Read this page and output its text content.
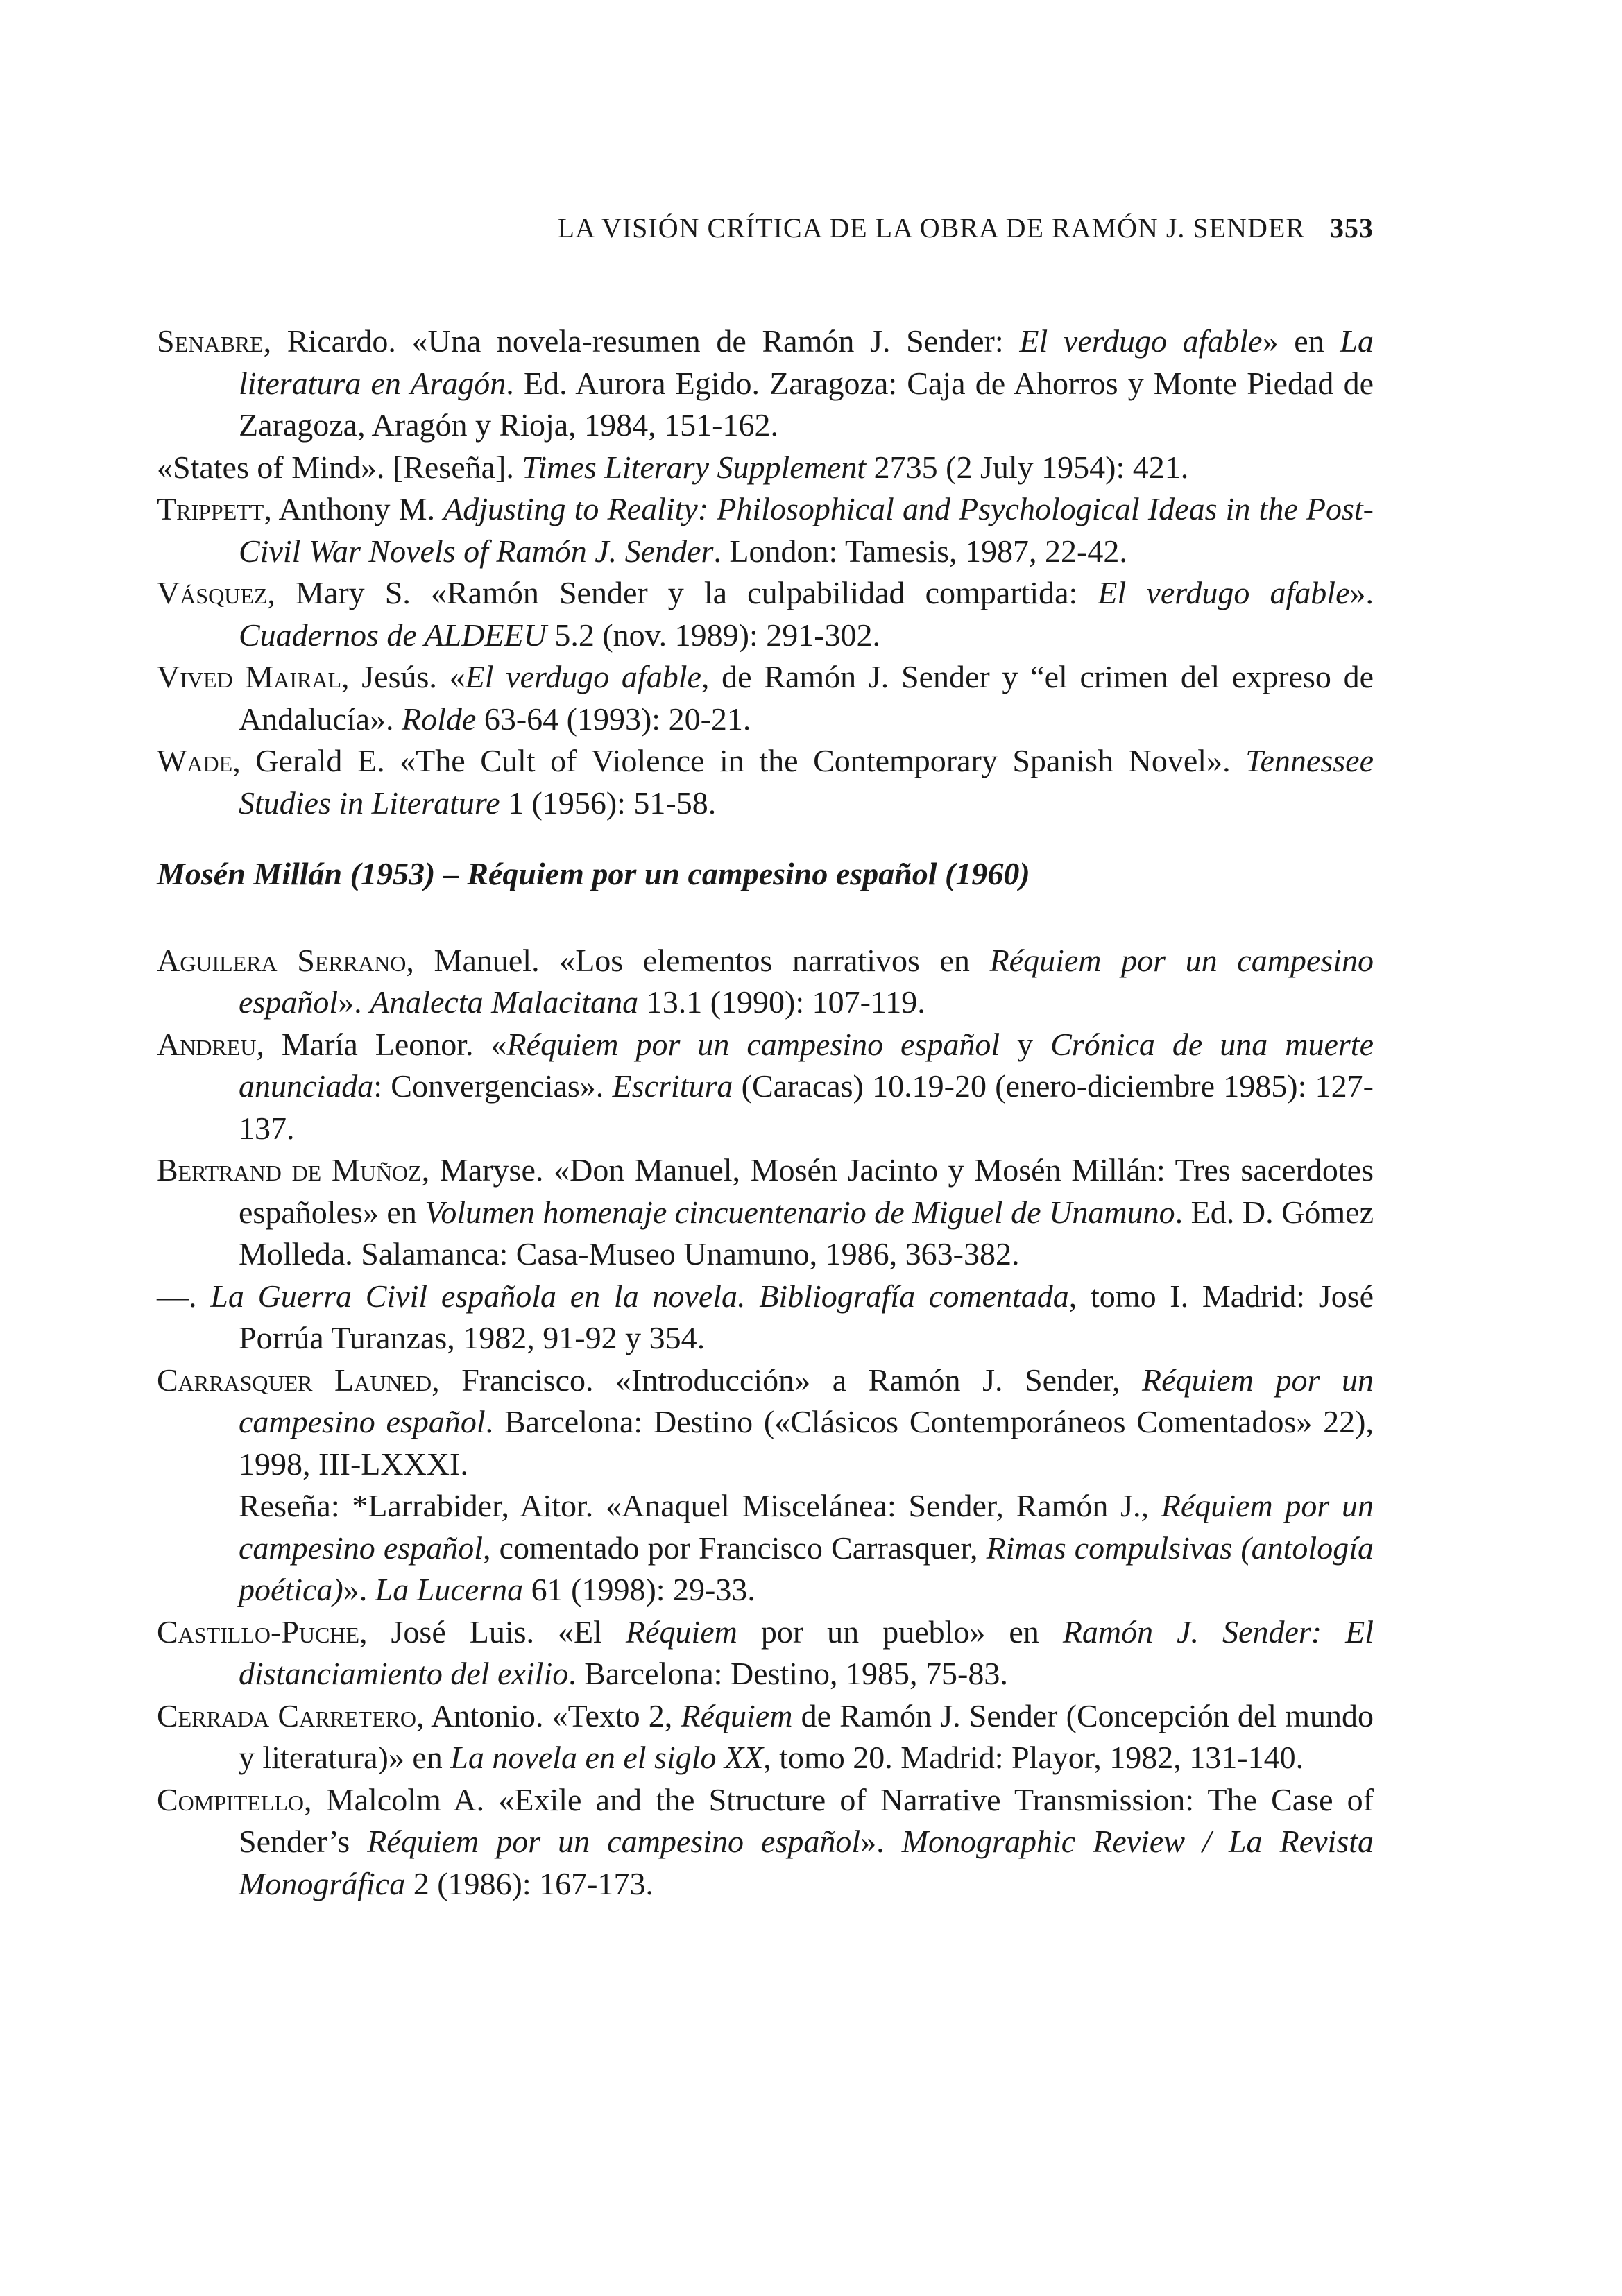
LA VISIÓN CRÍTICA DE LA OBRA DE RAMÓN J. SENDER 353
Senabre, Ricardo. «Una novela-resumen de Ramón J. Sender: El verdugo afable» en La literatura en Aragón. Ed. Aurora Egido. Zaragoza: Caja de Ahorros y Monte Piedad de Zaragoza, Aragón y Rioja, 1984, 151-162.
«States of Mind». [Reseña]. Times Literary Supplement 2735 (2 July 1954): 421.
Trippett, Anthony M. Adjusting to Reality: Philosophical and Psychological Ideas in the Post-Civil War Novels of Ramón J. Sender. London: Tamesis, 1987, 22-42.
Vásquez, Mary S. «Ramón Sender y la culpabilidad compartida: El verdugo afable». Cuadernos de ALDEEU 5.2 (nov. 1989): 291-302.
Vived Mairal, Jesús. «El verdugo afable, de Ramón J. Sender y “el crimen del expreso de Andalucía». Rolde 63-64 (1993): 20-21.
Wade, Gerald E. «The Cult of Violence in the Contemporary Spanish Novel». Tennessee Studies in Literature 1 (1956): 51-58.
Mosén Millán (1953) – Réquiem por un campesino español (1960)
Aguilera Serrano, Manuel. «Los elementos narrativos en Réquiem por un campesino español». Analecta Malacitana 13.1 (1990): 107-119.
Andreu, María Leonor. «Réquiem por un campesino español y Crónica de una muerte anunciada: Convergencias». Escritura (Caracas) 10.19-20 (enero-diciembre 1985): 127-137.
Bertrand de Muñoz, Maryse. «Don Manuel, Mosén Jacinto y Mosén Millán: Tres sacerdotes españoles» en Volumen homenaje cincuentenario de Miguel de Unamuno. Ed. D. Gómez Molleda. Salamanca: Casa-Museo Unamuno, 1986, 363-382.
—. La Guerra Civil española en la novela. Bibliografía comentada, tomo I. Madrid: José Porrúa Turanzas, 1982, 91-92 y 354.
Carrasquer Launed, Francisco. «Introducción» a Ramón J. Sender, Réquiem por un campesino español. Barcelona: Destino («Clásicos Contemporáneos Comentados» 22), 1998, III-LXXXI.
Reseña: *Larrabider, Aitor. «Anaquel Miscelánea: Sender, Ramón J., Réquiem por un campesino español, comentado por Francisco Carrasquer, Rimas compulsivas (antología poética)». La Lucerna 61 (1998): 29-33.
Castillo-Puche, José Luis. «El Réquiem por un pueblo» en Ramón J. Sender: El distanciamiento del exilio. Barcelona: Destino, 1985, 75-83.
Cerrada Carretero, Antonio. «Texto 2, Réquiem de Ramón J. Sender (Concepción del mundo y literatura)» en La novela en el siglo XX, tomo 20. Madrid: Playor, 1982, 131-140.
Compitello, Malcolm A. «Exile and the Structure of Narrative Transmission: The Case of Sender’s Réquiem por un campesino español». Monographic Review / La Revista Monográfica 2 (1986): 167-173.
